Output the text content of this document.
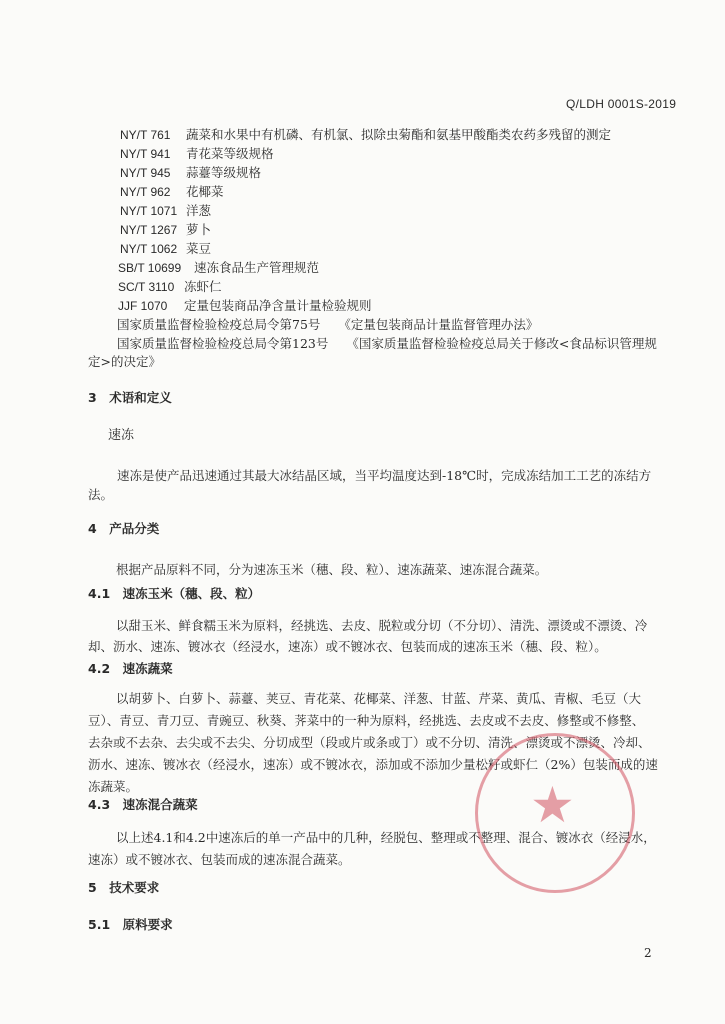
Q/LDH 0001S-2019
NY/T 761 蔬菜和水果中有机磷、有机氯、拟除虫菊酯和氨基甲酸酯类农药多残留的测定
NY/T 941 青花菜等级规格
NY/T 945 蒜薹等级规格
NY/T 962 花椰菜
NY/T 1071 洋葱
NY/T 1267 萝卜
NY/T 1062 菜豆
SB/T 10699 速冻食品生产管理规范
SC/T 3110 冻虾仁
JJF 1070 定量包装商品净含量计量检验规则
国家质量监督检验检疫总局令第75号 《定量包装商品计量监督管理办法》
国家质量监督检验检疫总局令第123号 《国家质量监督检验检疫总局关于修改<食品标识管理规
定>的决定》
3　术语和定义
速冻
速冻是使产品迅速通过其最大冰结晶区域，当平均温度达到-18℃时，完成冻结加工工艺的冻结方
法。
4　产品分类
根据产品原料不同，分为速冻玉米（穗、段、粒）、速冻蔬菜、速冻混合蔬菜。
4.1　速冻玉米（穗、段、粒）
以甜玉米、鲜食糯玉米为原料，经挑选、去皮、脱粒或分切（不分切）、清洗、漂烫或不漂烫、冷
却、沥水、速冻、镀冰衣（经浸水，速冻）或不镀冰衣、包装而成的速冻玉米（穗、段、粒）。
4.2　速冻蔬菜
以胡萝卜、白萝卜、蒜薹、荚豆、青花菜、花椰菜、洋葱、甘蓝、芹菜、黄瓜、青椒、毛豆（大
豆）、青豆、青刀豆、青豌豆、秋葵、荠菜中的一种为原料，经挑选、去皮或不去皮、修整或不修整、
去杂或不去杂、去尖或不去尖、分切成型（段或片或条或丁）或不分切、清洗、漂烫或不漂烫、冷却、
沥水、速冻、镀冰衣（经浸水，速冻）或不镀冰衣，添加或不添加少量松籽或虾仁（2%）包装而成的速
冻蔬菜。
4.3　速冻混合蔬菜
以上述4.1和4.2中速冻后的单一产品中的几种，经脱包、整理或不整理、混合、镀冰衣（经浸水，
速冻）或不镀冰衣、包装而成的速冻混合蔬菜。
5　技术要求
5.1　原料要求
2
★
